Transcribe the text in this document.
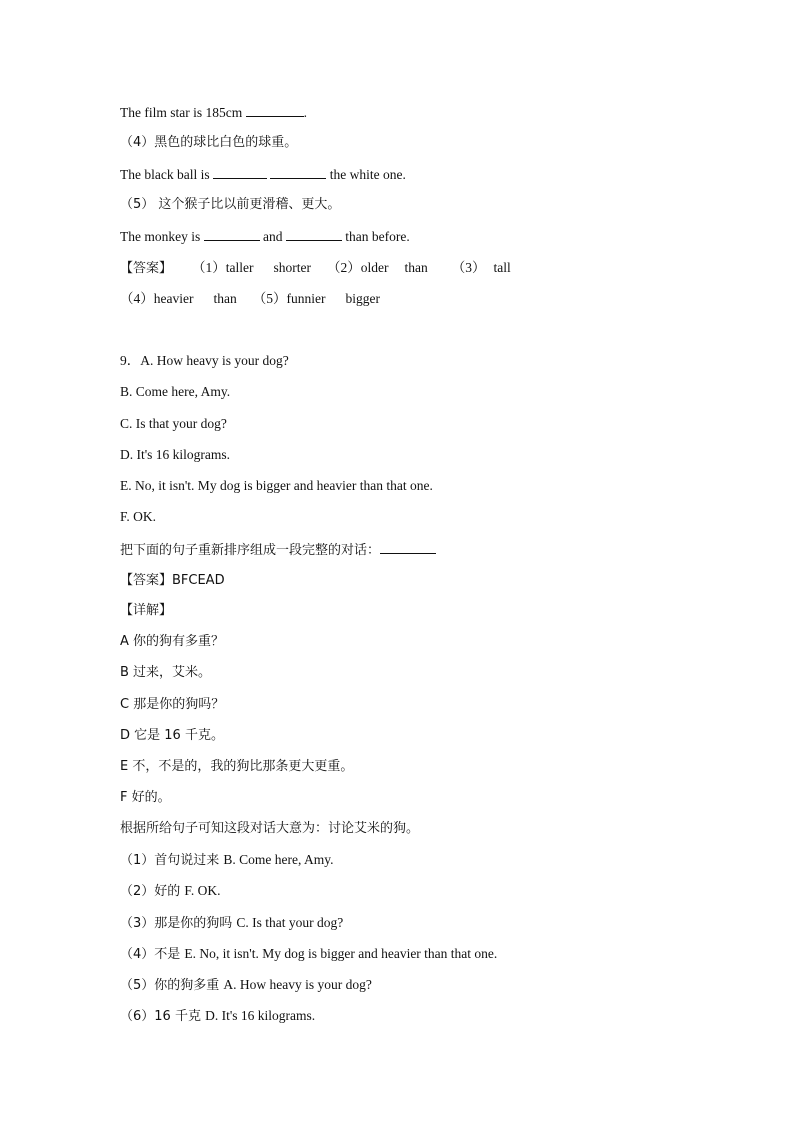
The film star is 185cm	.
（4）黑色的球比白色的球重。
The black ball is	the white one.
（5） 这个猴子比以前更滑稽、更大。
The monkey is	and	than before.
【答案】 （1）taller shorter （2）older than （3） tall
（4）heavier than （5）funnier bigger
9．A. How heavy is your dog?
B. Come here, Amy.
C. Is that your dog?
D. It's 16 kilograms.
E. No, it isn't. My dog is bigger and heavier than that one.
F. OK.
把下面的句子重新排序组成一段完整的对话：
【答案】BFCEAD
【详解】
A 你的狗有多重？
B 过来，艾米。
C 那是你的狗吗？
D 它是 16 千克。
E 不，不是的，我的狗比那条更大更重。
F 好的。
根据所给句子可知这段对话大意为：讨论艾米的狗。
（1）首句说过来 B. Come here, Amy.
（2）好的 F. OK.
（3）那是你的狗吗 C. Is that your dog?
（4）不是 E. No, it isn't. My dog is bigger and heavier than that one.
（5）你的狗多重 A. How heavy is your dog?
（6）16 千克 D. It's 16 kilograms.
